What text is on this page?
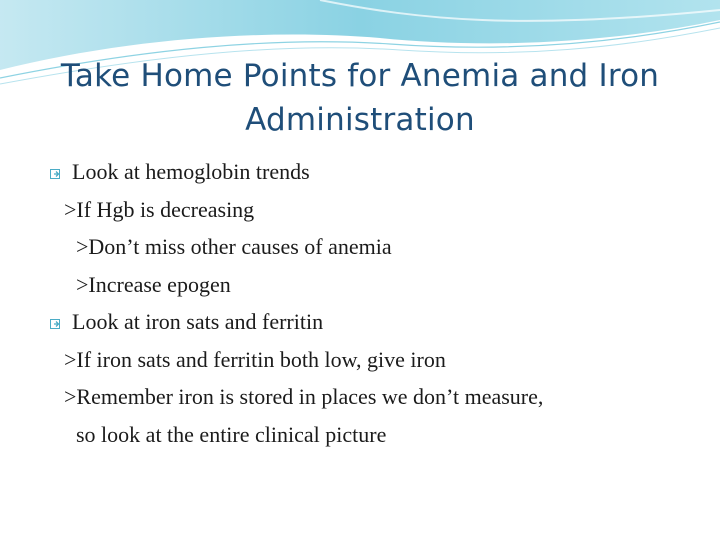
Take Home Points for Anemia and Iron Administration
Look at hemoglobin trends
>If Hgb is decreasing
>Don’t miss other causes of anemia
>Increase epogen
Look at iron sats and ferritin
>If iron sats and ferritin both low, give iron
>Remember iron is stored in places we don’t measure,
so look at the entire clinical picture
